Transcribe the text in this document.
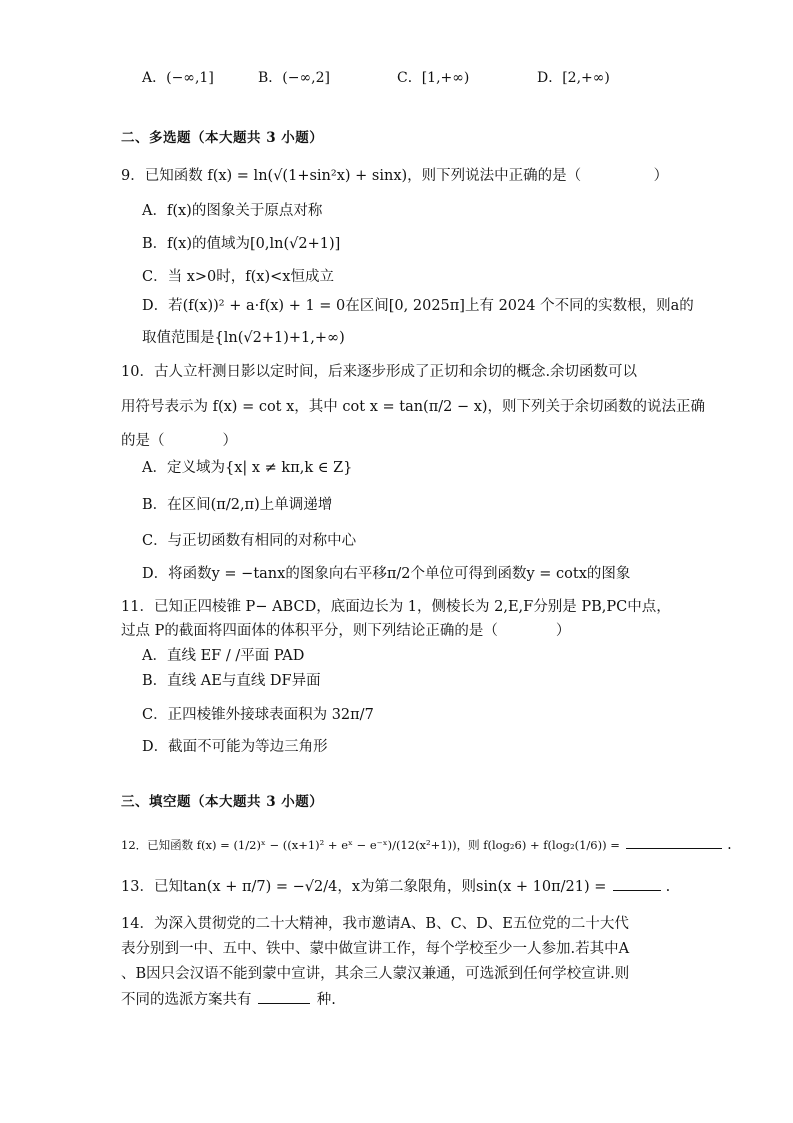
A．(−∞,1]	B．(−∞,2]	C．[1,+∞)	D．[2,+∞)
二、多选题（本大题共 3 小题）
9．已知函数 f(x) = ln(√(1+sin²x) + sinx)，则下列说法中正确的是（　　　　　）
A．f(x)的图象关于原点对称
B．f(x)的值域为[0,ln(√2+1)]
C．当 x>0时，f(x)<x恒成立
D．若(f(x))² + a·f(x) + 1 = 0在区间[0, 2025π]上有 2024 个不同的实数根，则a的
取值范围是{ln(√2+1)+1,+∞)
10．古人立杆测日影以定时间，后来逐步形成了正切和余切的概念.余切函数可以
用符号表示为 f(x) = cot x，其中 cot x = tan(π/2 − x)，则下列关于余切函数的说法正确
的是（　　　　）
A．定义域为{x| x ≠ kπ,k ∈ Z}
B．在区间(π/2,π)上单调递增
C．与正切函数有相同的对称中心
D．将函数y = −tanx的图象向右平移π/2个单位可得到函数y = cotx的图象
11．已知正四棱锥 P− ABCD，底面边长为 1，侧棱长为 2,E,F分别是 PB,PC中点，
过点 P的截面将四面体的体积平分，则下列结论正确的是（　　　　）
A．直线 EF / /平面 PAD
B．直线 AE与直线 DF异面
C．正四棱锥外接球表面积为 32π/7
D．截面不可能为等边三角形
三、填空题（本大题共 3 小题）
12．已知函数 f(x) = (1/2)ˣ − ((x+1)² + eˣ − e⁻ˣ)/(12(x²+1))，则 f(log₂6) + f(log₂(1/6)) =	.
13．已知tan(x + π/7) = −√2/4，x为第二象限角，则sin(x + 10π/21) =	.
14．为深入贯彻党的二十大精神，我市邀请A、B、C、D、E五位党的二十大代
表分别到一中、五中、铁中、蒙中做宣讲工作，每个学校至少一人参加.若其中A
、B因只会汉语不能到蒙中宣讲，其余三人蒙汉兼通，可选派到任何学校宣讲.则
不同的选派方案共有	种.
